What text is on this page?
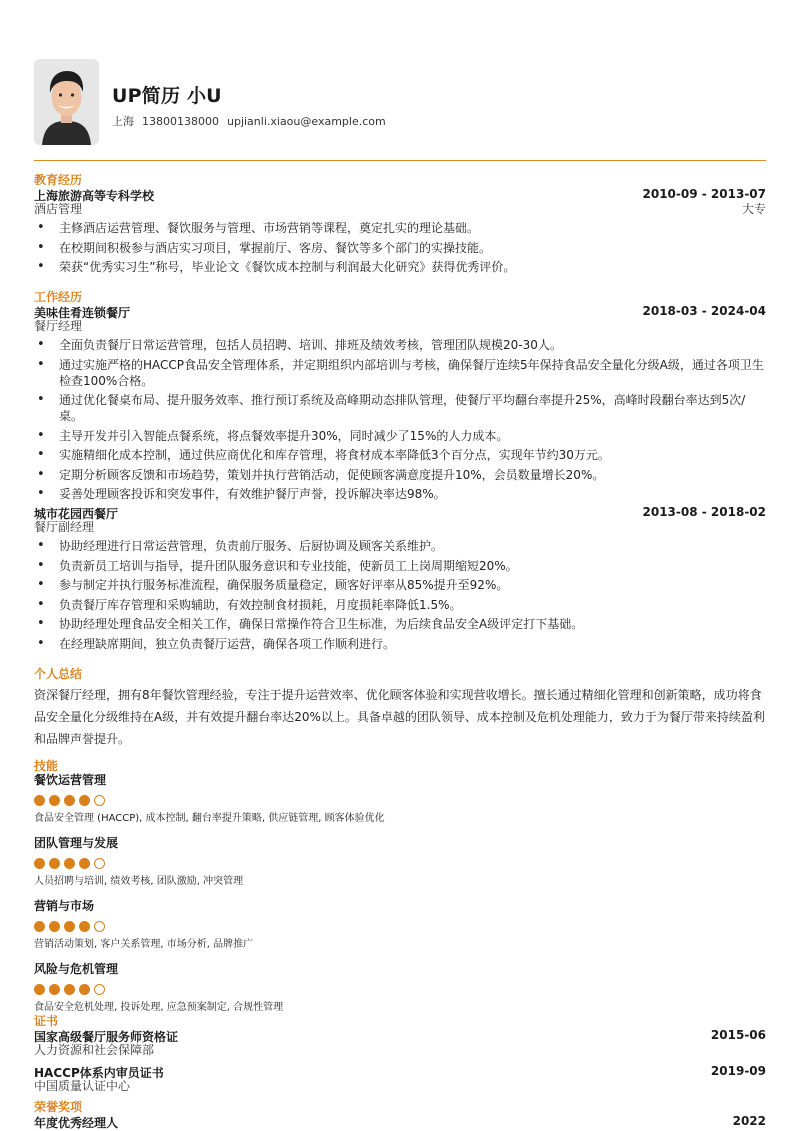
UP简历 小U
上海 13800138000 upjianli.xiaou@example.com
教育经历
上海旅游高等专科学校	2010-09 - 2013-07
酒店管理	大专
• 主修酒店运营管理、餐饮服务与管理、市场营销等课程，奠定扎实的理论基础。
• 在校期间积极参与酒店实习项目，掌握前厅、客房、餐饮等多个部门的实操技能。
• 荣获“优秀实习生”称号，毕业论文《餐饮成本控制与利润最大化研究》获得优秀评价。
工作经历
美味佳肴连锁餐厅	2018-03 - 2024-04
餐厅经理
• 全面负责餐厅日常运营管理，包括人员招聘、培训、排班及绩效考核，管理团队规模20-30人。
• 通过实施严格的HACCP食品安全管理体系，并定期组织内部培训与考核，确保餐厅连续5年保持食品安全量化分级A级，通过各项卫生检查100%合格。
• 通过优化餐桌布局、提升服务效率、推行预订系统及高峰期动态排队管理，使餐厅平均翻台率提升25%，高峰时段翻台率达到5次/桌。
• 主导开发并引入智能点餐系统，将点餐效率提升30%，同时减少了15%的人力成本。
• 实施精细化成本控制，通过供应商优化和库存管理，将食材成本率降低3个百分点，实现年节约30万元。
• 定期分析顾客反馈和市场趋势，策划并执行营销活动，促使顾客满意度提升10%，会员数量增长20%。
• 妥善处理顾客投诉和突发事件，有效维护餐厅声誉，投诉解决率达98%。
城市花园西餐厅	2013-08 - 2018-02
餐厅副经理
• 协助经理进行日常运营管理，负责前厅服务、后厨协调及顾客关系维护。
• 负责新员工培训与指导，提升团队服务意识和专业技能，使新员工上岗周期缩短20%。
• 参与制定并执行服务标准流程，确保服务质量稳定，顾客好评率从85%提升至92%。
• 负责餐厅库存管理和采购辅助，有效控制食材损耗，月度损耗率降低1.5%。
• 协助经理处理食品安全相关工作，确保日常操作符合卫生标准，为后续食品安全A级评定打下基础。
• 在经理缺席期间，独立负责餐厅运营，确保各项工作顺利进行。
个人总结
资深餐厅经理，拥有8年餐饮管理经验，专注于提升运营效率、优化顾客体验和实现营收增长。擅长通过精细化管理和创新策略，成功将食品安全量化分级维持在A级，并有效提升翻台率达20%以上。具备卓越的团队领导、成本控制及危机处理能力，致力于为餐厅带来持续盈利和品牌声誉提升。
技能
餐饮运营管理
食品安全管理 (HACCP), 成本控制, 翻台率提升策略, 供应链管理, 顾客体验优化
团队管理与发展
人员招聘与培训, 绩效考核, 团队激励, 冲突管理
营销与市场
营销活动策划, 客户关系管理, 市场分析, 品牌推广
风险与危机管理
食品安全危机处理, 投诉处理, 应急预案制定, 合规性管理
证书
国家高级餐厅服务师资格证	2015-06
人力资源和社会保障部
HACCP体系内审员证书	2019-09
中国质量认证中心
荣誉奖项
年度优秀经理人	2022
